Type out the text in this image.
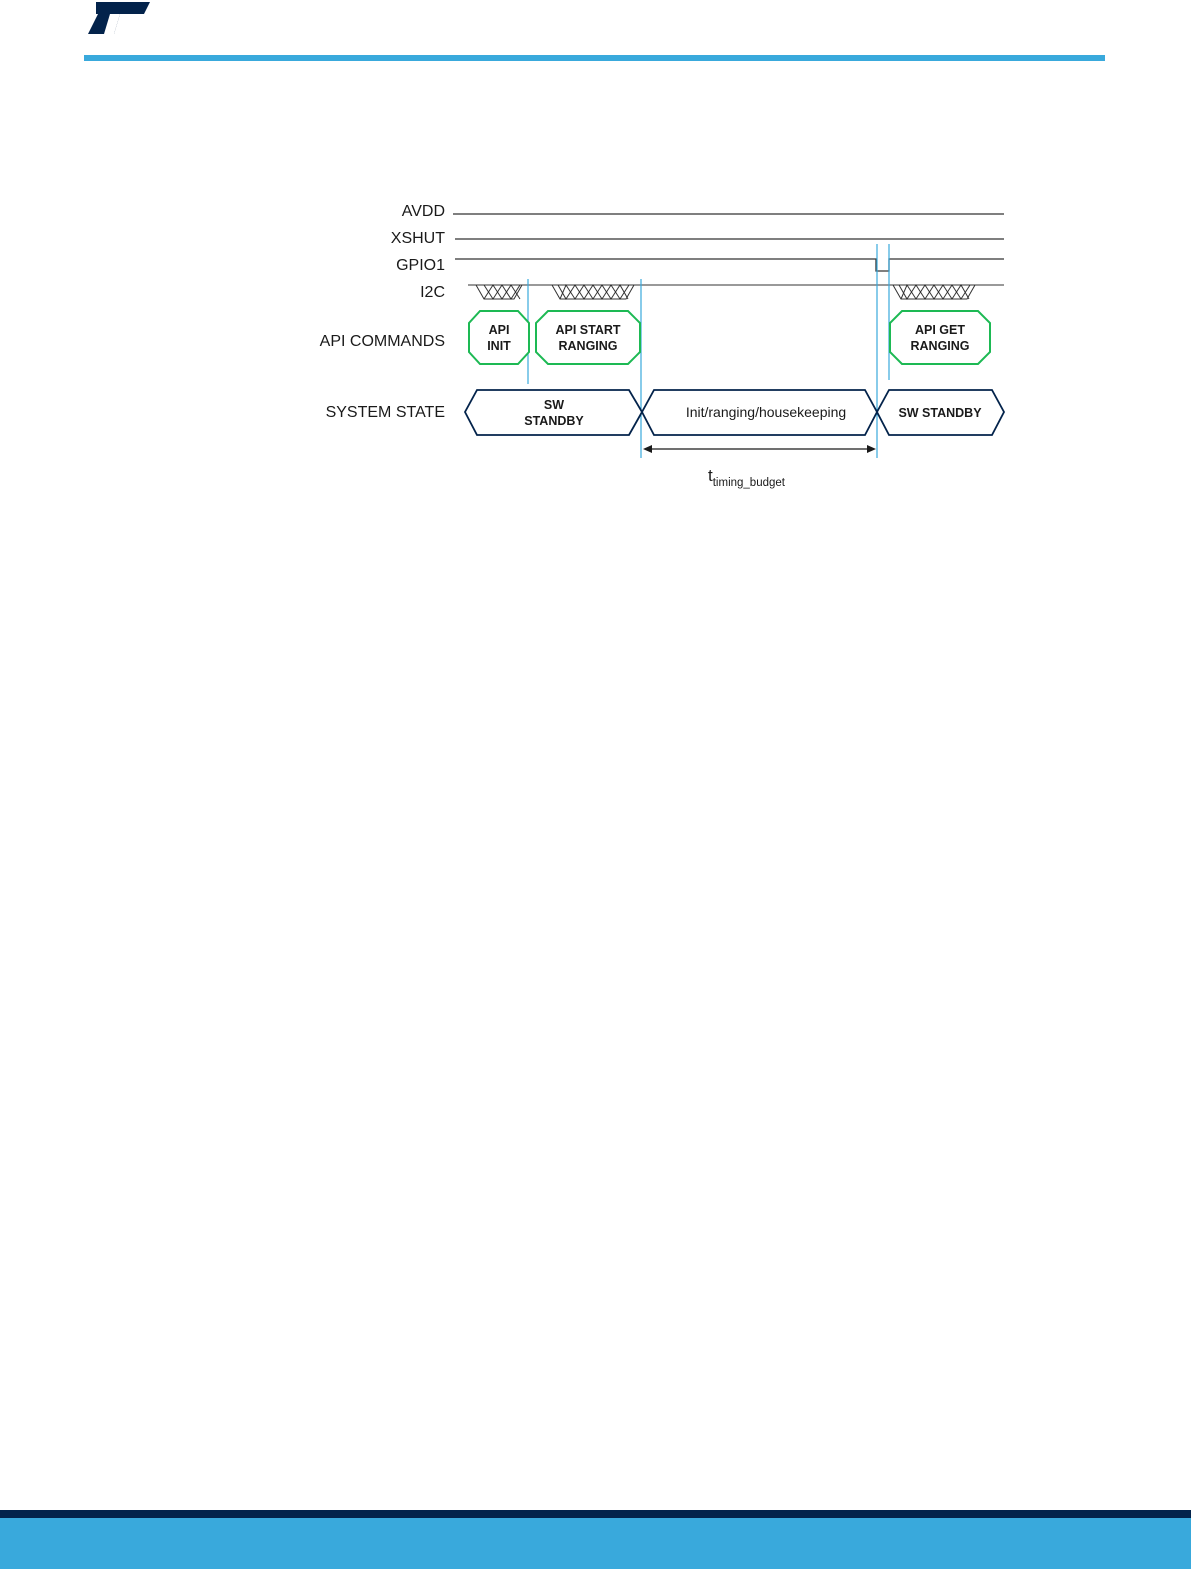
AVDD
XSHUT
GPIO1
I2C
API COMMANDS
SYSTEM STATE
API
INIT
API START
RANGING
API GET
RANGING
SW
STANDBY
Init/ranging/housekeeping	SW STANDBY
$t_{timing\_budget}$
